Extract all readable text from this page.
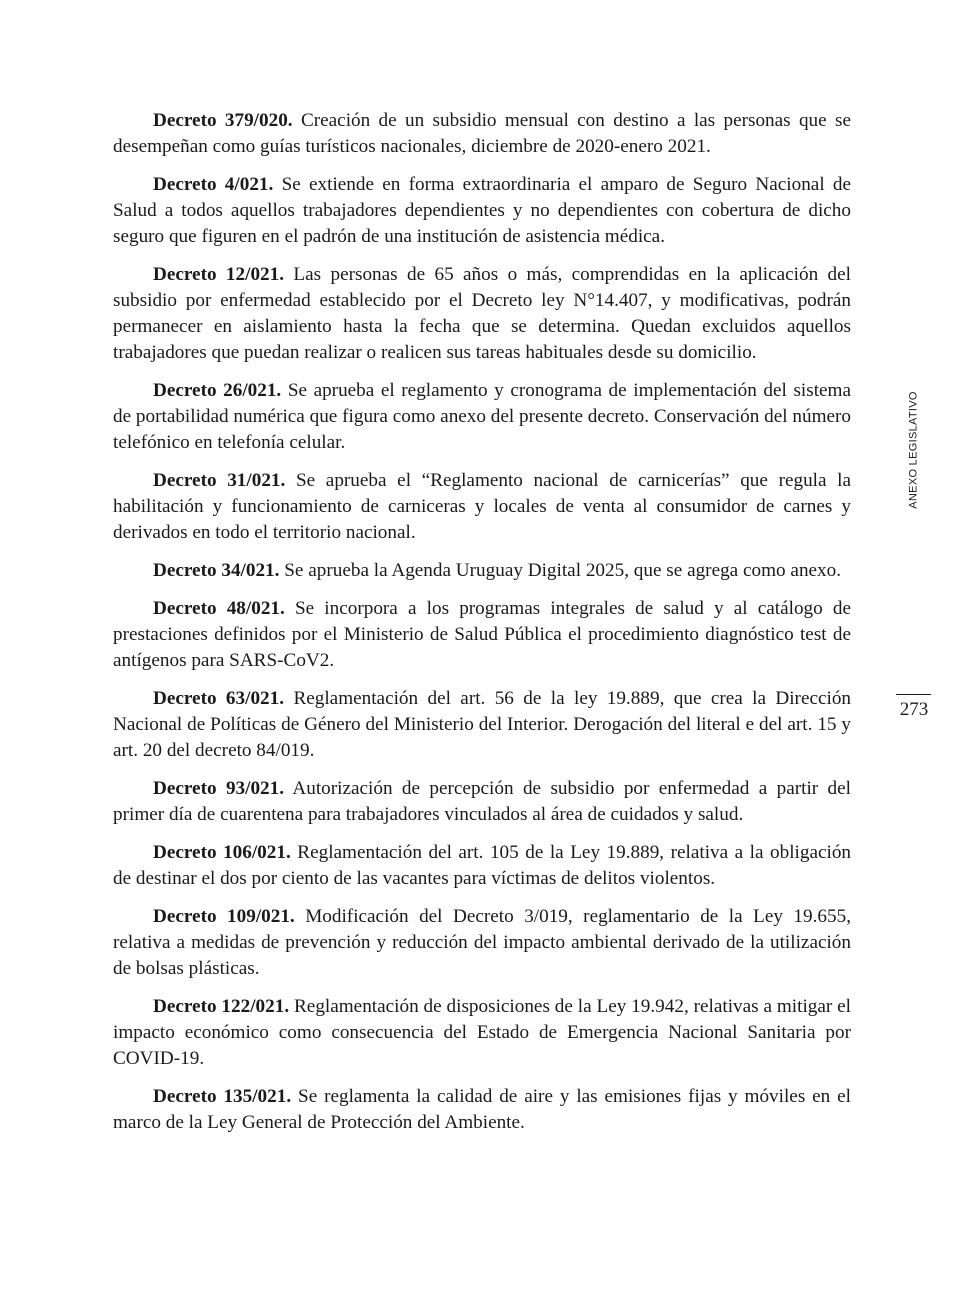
Decreto 379/020. Creación de un subsidio mensual con destino a las personas que se desempeñan como guías turísticos nacionales, diciembre de 2020-enero 2021.

Decreto 4/021. Se extiende en forma extraordinaria el amparo de Seguro Nacional de Salud a todos aquellos trabajadores dependientes y no dependientes con cobertura de dicho seguro que figuren en el padrón de una institución de asistencia médica.

Decreto 12/021. Las personas de 65 años o más, comprendidas en la aplicación del subsidio por enfermedad establecido por el Decreto ley N°14.407, y modificativas, podrán permanecer en aislamiento hasta la fecha que se determina. Quedan excluidos aquellos trabajadores que puedan realizar o realicen sus tareas habituales desde su domicilio.

Decreto 26/021. Se aprueba el reglamento y cronograma de implementación del sistema de portabilidad numérica que figura como anexo del presente decreto. Conservación del número telefónico en telefonía celular.

Decreto 31/021. Se aprueba el “Reglamento nacional de carnicerías” que regula la habilitación y funcionamiento de carniceras y locales de venta al consumidor de carnes y derivados en todo el territorio nacional.

Decreto 34/021. Se aprueba la Agenda Uruguay Digital 2025, que se agrega como anexo.

Decreto 48/021. Se incorpora a los programas integrales de salud y al catálogo de prestaciones definidos por el Ministerio de Salud Pública el procedimiento diagnóstico test de antígenos para SARS-CoV2.

Decreto 63/021. Reglamentación del art. 56 de la ley 19.889, que crea la Dirección Nacional de Políticas de Género del Ministerio del Interior. Derogación del literal e del art. 15 y art. 20 del decreto 84/019.

Decreto 93/021. Autorización de percepción de subsidio por enfermedad a partir del primer día de cuarentena para trabajadores vinculados al área de cuidados y salud.

Decreto 106/021. Reglamentación del art. 105 de la Ley 19.889, relativa a la obligación de destinar el dos por ciento de las vacantes para víctimas de delitos violentos.

Decreto 109/021. Modificación del Decreto 3/019, reglamentario de la Ley 19.655, relativa a medidas de prevención y reducción del impacto ambiental derivado de la utilización de bolsas plásticas.

Decreto 122/021. Reglamentación de disposiciones de la Ley 19.942, relativas a mitigar el impacto económico como consecuencia del Estado de Emergencia Nacional Sanitaria por COVID-19.

Decreto 135/021. Se reglamenta la calidad de aire y las emisiones fijas y móviles en el marco de la Ley General de Protección del Ambiente.

ANEXO LEGISLATIVO
273
